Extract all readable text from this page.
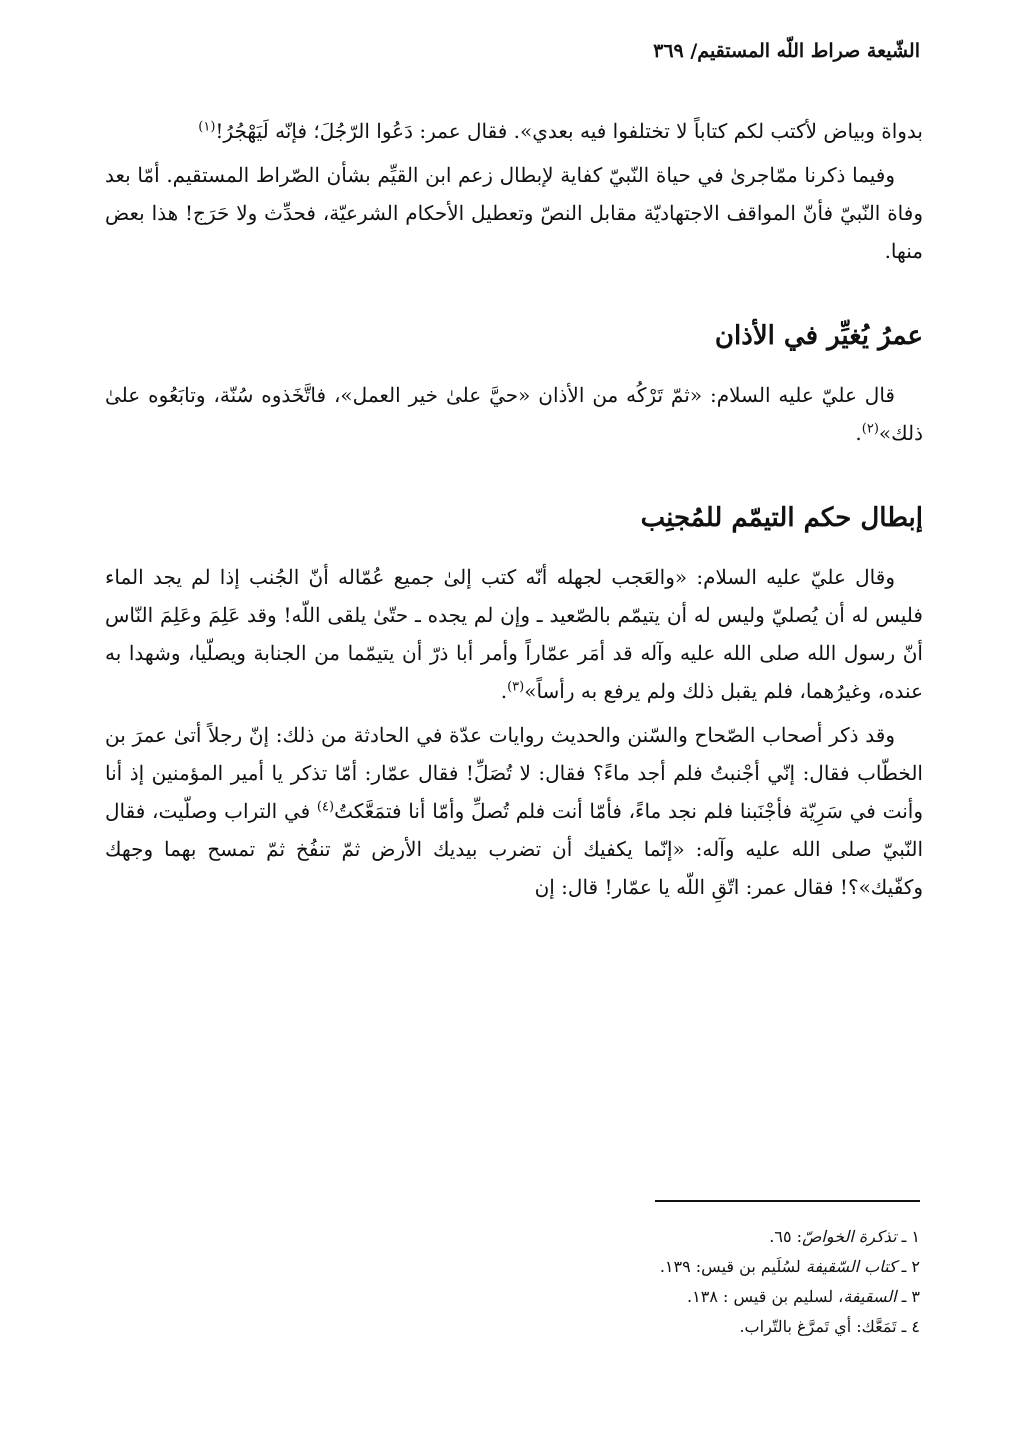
الشّيعة صراط اللّه المستقيم/ ٣٦٩

بدواة وبياض لأكتب لكم كتاباً لا تختلفوا فيه بعدي». فقال عمر: دَعُوا الرّجُلَ؛ فإنّه لَيَهْجُرُ!$^{(١)}$

وفيما ذكرنا ممّاجرىٰ في حياة النّبيّ كفاية لإبطال زعم ابن القيِّم بشأن الصّراط المستقيم. أمّا بعد وفاة النّبيّ فأنّ المواقف الاجتهاديّة مقابل النصّ وتعطيل الأحكام الشرعيّة، فحدِّث ولا حَرَج! هذا بعض منها.

عمرُ يُغيِّر في الأذان

قال عليّ عليه السلام: «ثمّ تَرْكُه من الأذان «حيَّ علىٰ خير العمل»، فاتَّخَذوه سُنّة، وتابَعُوه علىٰ ذلك»$^{(٢)}$.

إبطال حكم التيمّم للمُجنِب

وقال عليّ عليه السلام: «والعَجب لجهله أنّه كتب إلىٰ جميع عُمّاله أنّ الجُنب إذا لم يجد الماء فليس له أن يُصليّ وليس له أن يتيمّم بالصّعيد ـ وإن لم يجده ـ حتّىٰ يلقى اللّه! وقد عَلِمَ وعَلِمَ النّاس أنّ رسول الله صلى الله عليه وآله قد أمَر عمّاراً وأمر أبا ذرّ أن يتيمّما من الجنابة ويصلّيا، وشهدا به عنده، وغيرُهما، فلم يقبل ذلك ولم يرفع به رأساً»$^{(٣)}$.

وقد ذكر أصحاب الصّحاح والسّنن والحديث روايات عدّة في الحادثة من ذلك: إنّ رجلاً أتىٰ عمرَ بن الخطّاب فقال: إنّي أجْنبتُ فلم أجد ماءً؟ فقال: لا تُصَلِّ! فقال عمّار: أمّا تذكر يا أمير المؤمنين إذ أنا وأنت في سَرِيّة فأجْنَبنا فلم نجد ماءً، فأمّا أنت فلم تُصلِّ وأمّا أنا فتمَعَّكتُ$^{(٤)}$ في التراب وصلّيت، فقال النّبيّ صلى الله عليه وآله: «إنّما يكفيك أن تضرب بيديك الأرض ثمّ تنفُخ ثمّ تمسح بهما وجهك وكفّيك»؟! فقال عمر: اتّقِ اللّه يا عمّار! قال: إن

١ ـ تذكرة الخواصّ: ٦٥.
٢ ـ كتاب السّقيفة لسُلَيم بن قيس: ١٣٩.
٣ ـ السقيفة، لسليم بن قيس : ١٣٨.
٤ ـ تَمَعَّك: أي تَمرَّغ بالتّراب.
